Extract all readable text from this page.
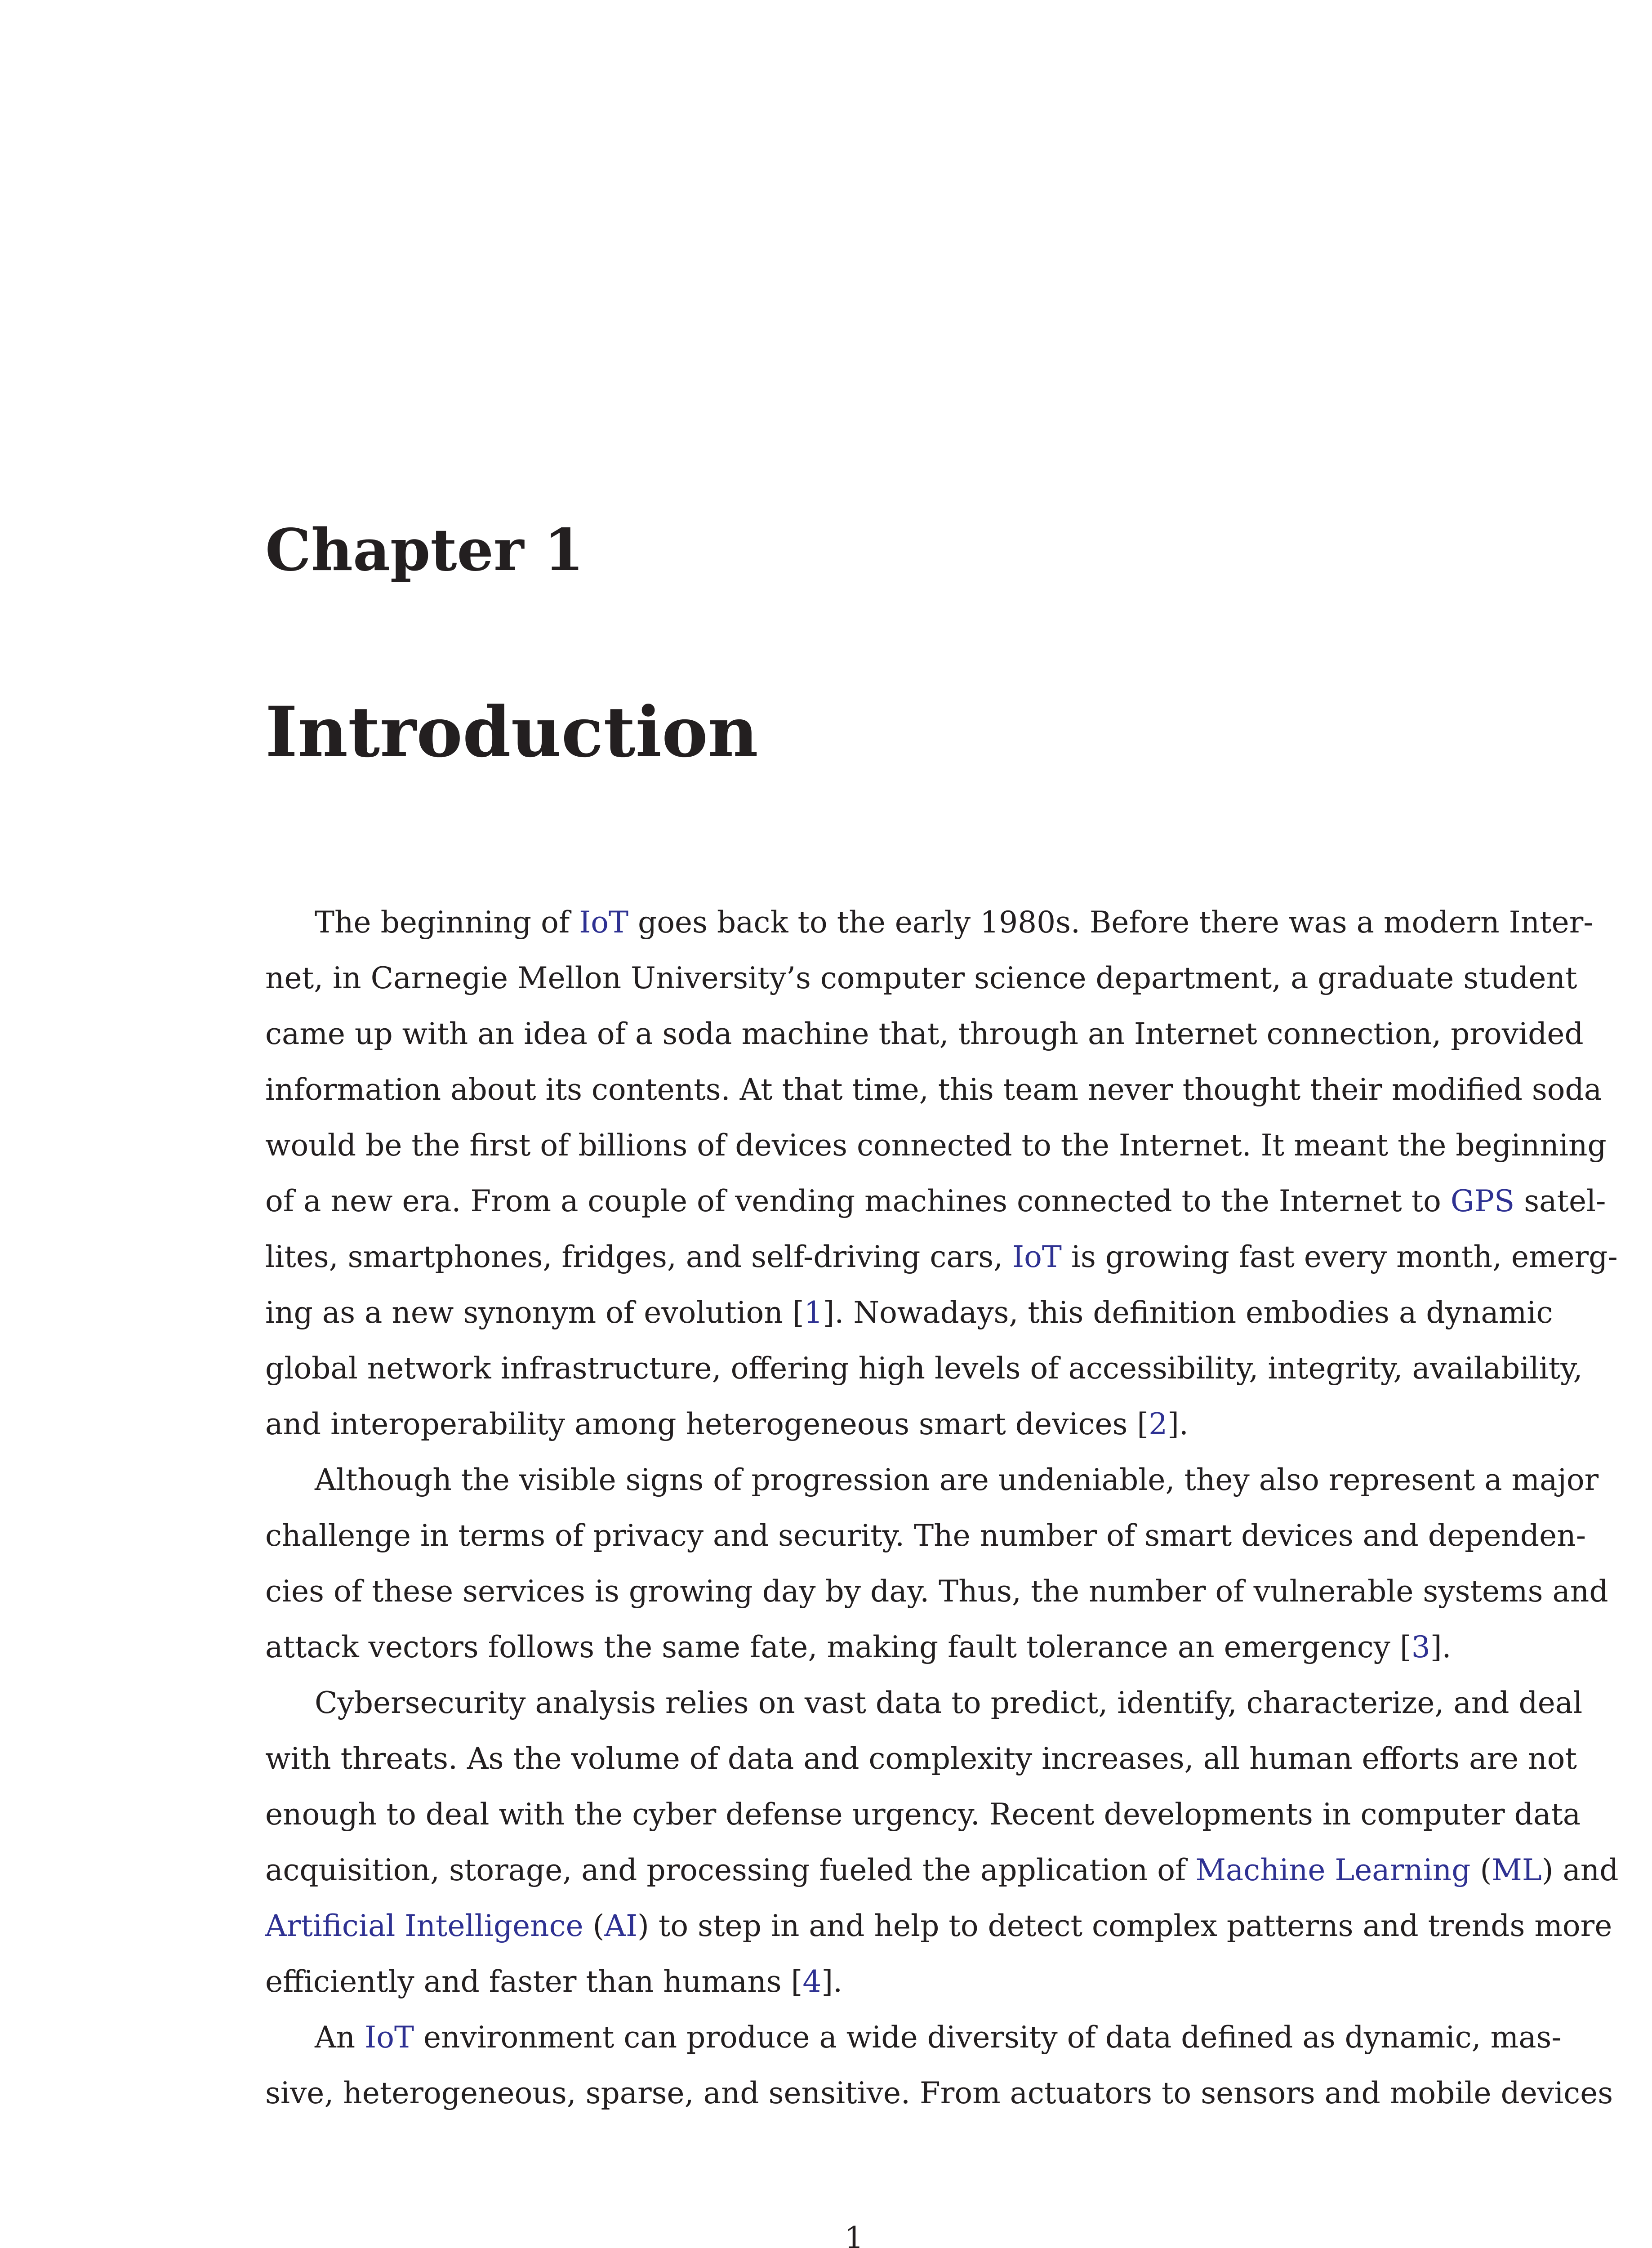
Chapter 1
Introduction
The beginning of IoT goes back to the early 1980s. Before there was a modern Inter-
net, in Carnegie Mellon University’s computer science department, a graduate student
came up with an idea of a soda machine that, through an Internet connection, provided
information about its contents. At that time, this team never thought their modified soda
would be the first of billions of devices connected to the Internet. It meant the beginning
of a new era. From a couple of vending machines connected to the Internet to GPS satel-
lites, smartphones, fridges, and self-driving cars, IoT is growing fast every month, emerg-
ing as a new synonym of evolution [1]. Nowadays, this definition embodies a dynamic
global network infrastructure, offering high levels of accessibility, integrity, availability,
and interoperability among heterogeneous smart devices [2].
Although the visible signs of progression are undeniable, they also represent a major
challenge in terms of privacy and security. The number of smart devices and dependen-
cies of these services is growing day by day. Thus, the number of vulnerable systems and
attack vectors follows the same fate, making fault tolerance an emergency [3].
Cybersecurity analysis relies on vast data to predict, identify, characterize, and deal
with threats. As the volume of data and complexity increases, all human efforts are not
enough to deal with the cyber defense urgency. Recent developments in computer data
acquisition, storage, and processing fueled the application of Machine Learning (ML) and
Artificial Intelligence (AI) to step in and help to detect complex patterns and trends more
efficiently and faster than humans [4].
An IoT environment can produce a wide diversity of data defined as dynamic, mas-
sive, heterogeneous, sparse, and sensitive. From actuators to sensors and mobile devices
1
